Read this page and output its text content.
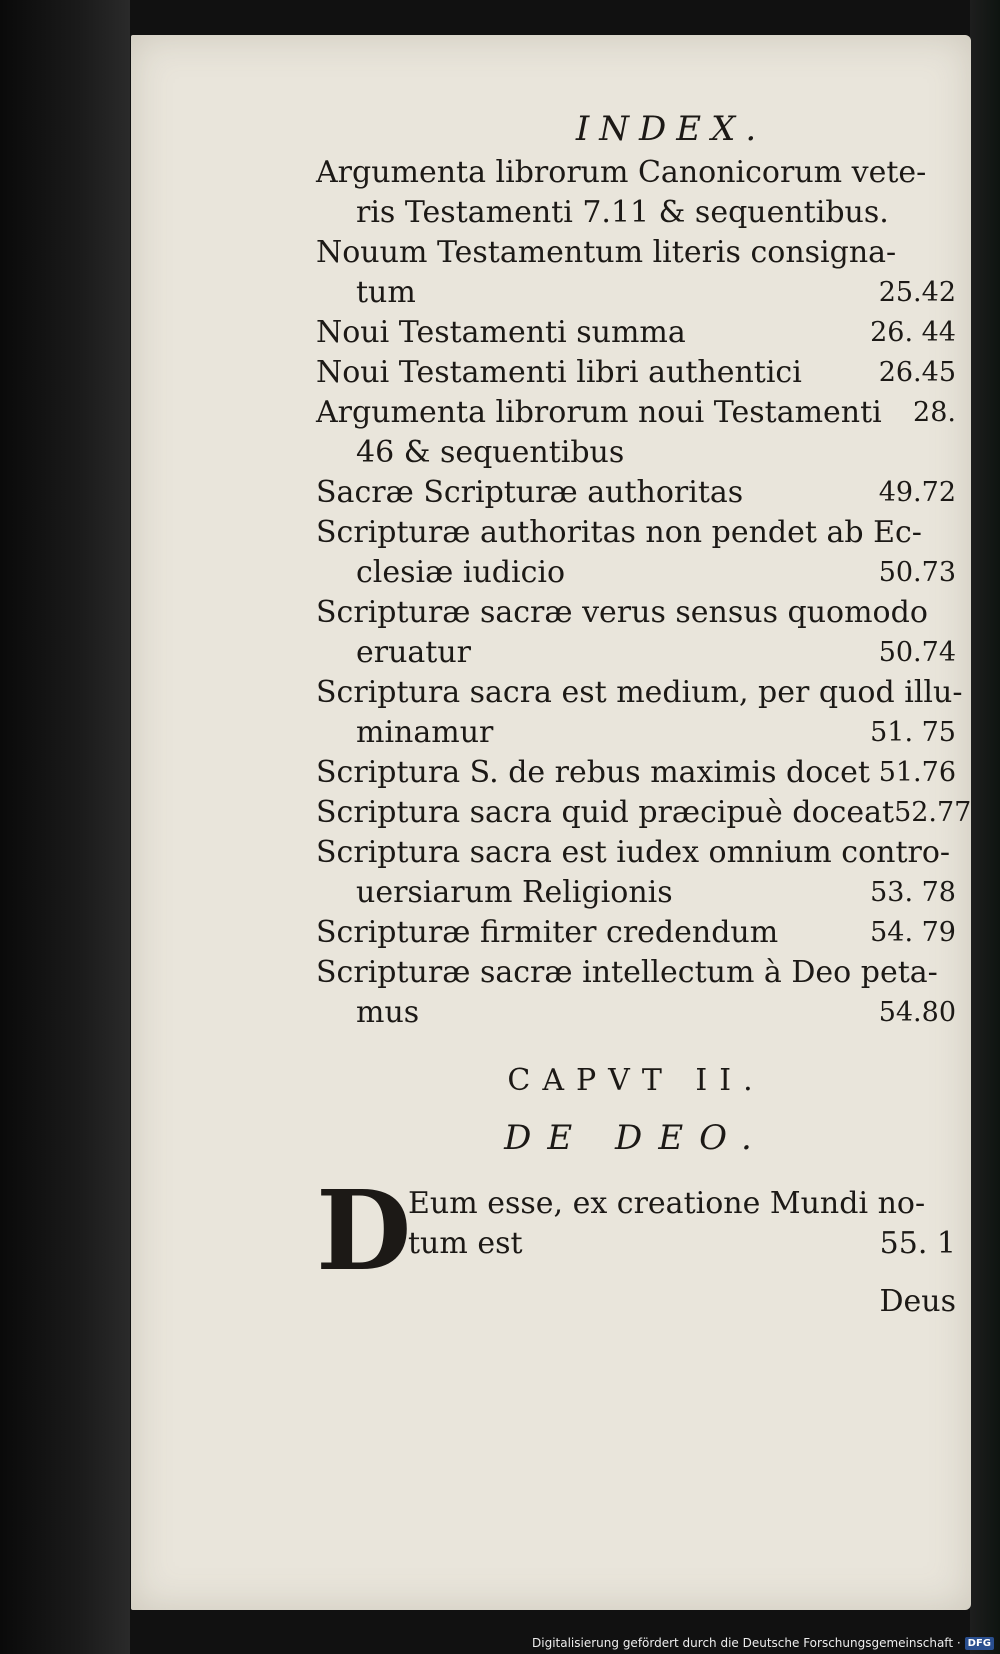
INDEX.
Argumenta librorum Canonicorum vete-
ris Testamenti 7.11 & sequentibus.
Nouum Testamentum literis consigna-
tum	25.42
Noui Testamenti summa	26. 44
Noui Testamenti libri authentici	26.45
Argumenta librorum noui Testamenti 28.
46 & sequentibus
Sacræ Scripturæ authoritas	49.72
Scripturæ authoritas non pendet ab Ec-
clesiæ iudicio	50.73
Scripturæ sacræ verus sensus quomodo
eruatur	50.74
Scriptura sacra est medium, per quod illu-
minamur	51. 75
Scriptura S. de rebus maximis docet 51.76
Scriptura sacra quid præcipuè doceat 52.77
Scriptura sacra est iudex omnium contro-
uersiarum Religionis	53. 78
Scripturæ firmiter credendum	54. 79
Scripturæ sacræ intellectum à Deo peta-
mus	54.80
CAPVT II.
DE DEO.
D
Eum esse, ex creatione Mundi no-
tum est	55. 1
Deus
Digitalisierung gefördert durch die Deutsche Forschungsgemeinschaft · DFG
